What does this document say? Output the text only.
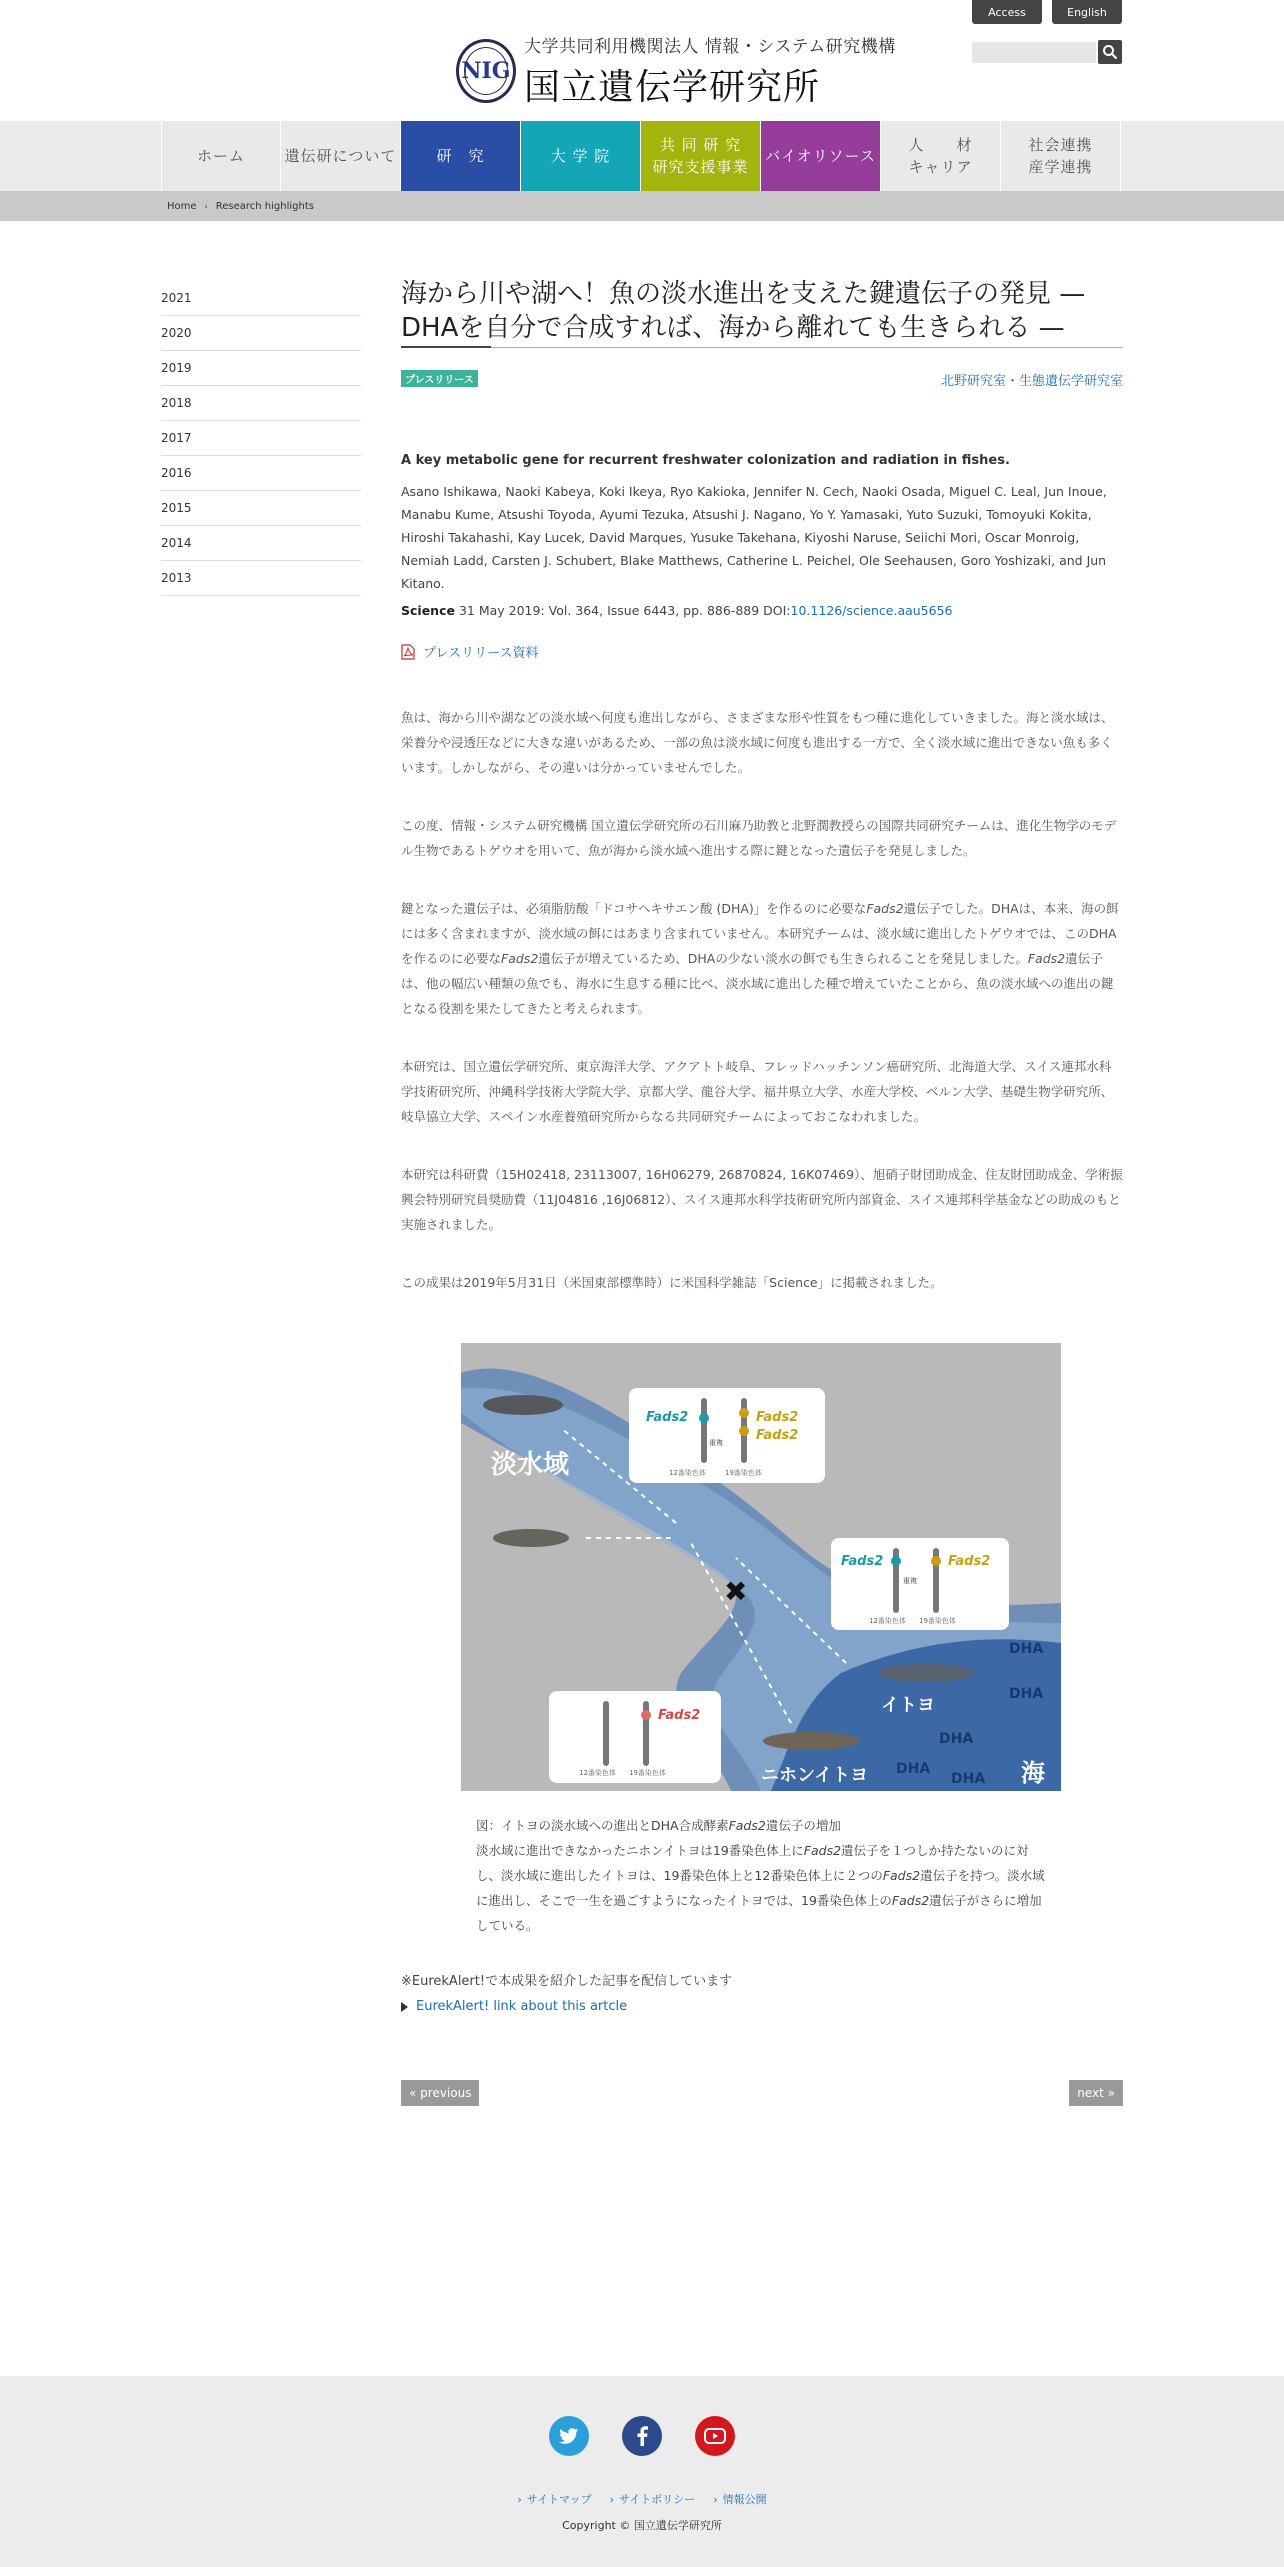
NIG
大学共同利用機関法人 情報・システム研究機構
国立遺伝学研究所
Access	English
ホーム	遺伝研について	研　究	大 学 院
共 同 研 究
研究支援事業
バイオリソース
人　　材
キャリア
社会連携
産学連携
Home › Research highlights
2021
2020
2019
2018
2017
2016
2015
2014
2013
海から川や湖へ！魚の淡水進出を支えた鍵遺伝子の発見 — DHAを自分で合成すれば、海から離れても生きられる —
プレスリリース	北野研究室・生態遺伝学研究室
A key metabolic gene for recurrent freshwater colonization and radiation in fishes.
Asano Ishikawa, Naoki Kabeya, Koki Ikeya, Ryo Kakioka, Jennifer N. Cech, Naoki Osada, Miguel C. Leal, Jun Inoue, Manabu Kume, Atsushi Toyoda, Ayumi Tezuka, Atsushi J. Nagano, Yo Y. Yamasaki, Yuto Suzuki, Tomoyuki Kokita, Hiroshi Takahashi, Kay Lucek, David Marques, Yusuke Takehana, Kiyoshi Naruse, Seiichi Mori, Oscar Monroig, Nemiah Ladd, Carsten J. Schubert, Blake Matthews, Catherine L. Peichel, Ole Seehausen, Goro Yoshizaki, and Jun Kitano.
Science 31 May 2019: Vol. 364, Issue 6443, pp. 886-889 DOI:10.1126/science.aau5656
プレスリリース資料

魚は、海から川や湖などの淡水域へ何度も進出しながら、さまざまな形や性質をもつ種に進化していきました。海と淡水域は、栄養分や浸透圧などに大きな違いがあるため、一部の魚は淡水域に何度も進出する一方で、全く淡水域に進出できない魚も多くいます。しかしながら、その違いは分かっていませんでした。

この度、情報・システム研究機構 国立遺伝学研究所の石川麻乃助教と北野潤教授らの国際共同研究チームは、進化生物学のモデル生物であるトゲウオを用いて、魚が海から淡水域へ進出する際に鍵となった遺伝子を発見しました。

鍵となった遺伝子は、必須脂肪酸「ドコサヘキサエン酸 (DHA)」を作るのに必要なFads2遺伝子でした。DHAは、本来、海の餌には多く含まれますが、淡水域の餌にはあまり含まれていません。本研究チームは、淡水域に進出したトゲウオでは、このDHAを作るのに必要なFads2遺伝子が増えているため、DHAの少ない淡水の餌でも生きられることを発見しました。Fads2遺伝子は、他の幅広い種類の魚でも、海水に生息する種に比べ、淡水域に進出した種で増えていたことから、魚の淡水域への進出の鍵となる役割を果たしてきたと考えられます。

本研究は、国立遺伝学研究所、東京海洋大学、アクアトト岐阜、フレッドハッチンソン癌研究所、北海道大学、スイス連邦水科学技術研究所、沖縄科学技術大学院大学、京都大学、龍谷大学、福井県立大学、水産大学校、ベルン大学、基礎生物学研究所、岐阜協立大学、スペイン水産養殖研究所からなる共同研究チームによっておこなわれました。

本研究は科研費（15H02418, 23113007, 16H06279, 26870824, 16K07469）、旭硝子財団助成金、住友財団助成金、学術振興会特別研究員奨励費（11J04816 ,16J06812）、スイス連邦水科学技術研究所内部資金、スイス連邦科学基金などの助成のもと実施されました。

この成果は2019年5月31日（米国東部標準時）に米国科学雑誌「Science」に掲載されました。

✖
淡水域
海
イトヨ
ニホンイトヨ
DHA
DHA
DHA
DHA
DHA
Fads2	Fads2
Fads2
重複
12番染色体	19番染色体
Fads2	Fads2
重複
12番染色体 19番染色体
Fads2
12番染色体 19番染色体
図：イトヨの淡水域への進出とDHA合成酵素Fads2遺伝子の増加
淡水域に進出できなかったニホンイトヨは19番染色体上にFads2遺伝子を１つしか持たないのに対し、淡水域に進出したイトヨは、19番染色体上と12番染色体上に２つのFads2遺伝子を持つ。淡水域に進出し、そこで一生を過ごすようになったイトヨでは、19番染色体上のFads2遺伝子がさらに増加している。
※EurekAlert!で本成果を紹介した記事を配信しています
EurekAlert! link about this artcle
« previous	next »
› サイトマップ › サイトポリシー › 情報公開
Copyright © 国立遺伝学研究所
